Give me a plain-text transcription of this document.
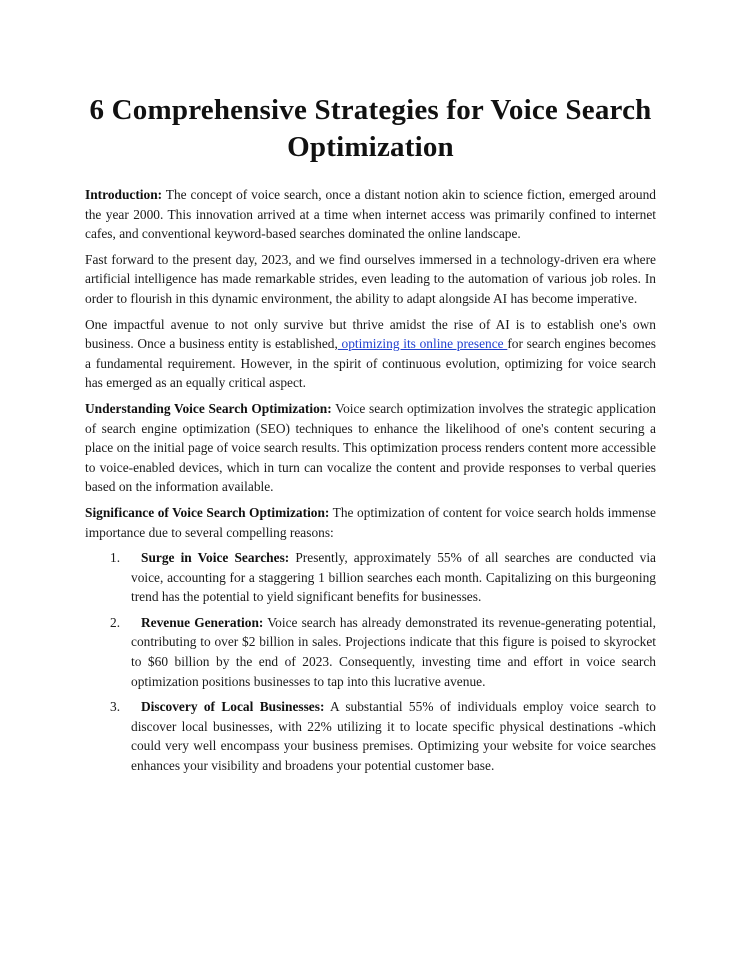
6 Comprehensive Strategies for Voice Search Optimization

Introduction: The concept of voice search, once a distant notion akin to science fiction, emerged around the year 2000. This innovation arrived at a time when internet access was primarily confined to internet cafes, and conventional keyword-based searches dominated the online landscape.

Fast forward to the present day, 2023, and we find ourselves immersed in a technology-driven era where artificial intelligence has made remarkable strides, even leading to the automation of various job roles. In order to flourish in this dynamic environment, the ability to adapt alongside AI has become imperative.

One impactful avenue to not only survive but thrive amidst the rise of AI is to establish one's own business. Once a business entity is established, optimizing its online presence for search engines becomes a fundamental requirement. However, in the spirit of continuous evolution, optimizing for voice search has emerged as an equally critical aspect.

Understanding Voice Search Optimization: Voice search optimization involves the strategic application of search engine optimization (SEO) techniques to enhance the likelihood of one's content securing a place on the initial page of voice search results. This optimization process renders content more accessible to voice-enabled devices, which in turn can vocalize the content and provide responses to verbal queries based on the information available.

Significance of Voice Search Optimization: The optimization of content for voice search holds immense importance due to several compelling reasons:

1. Surge in Voice Searches: Presently, approximately 55% of all searches are conducted via voice, accounting for a staggering 1 billion searches each month. Capitalizing on this burgeoning trend has the potential to yield significant benefits for businesses.
2. Revenue Generation: Voice search has already demonstrated its revenue-generating potential, contributing to over $2 billion in sales. Projections indicate that this figure is poised to skyrocket to $60 billion by the end of 2023. Consequently, investing time and effort in voice search optimization positions businesses to tap into this lucrative avenue.
3. Discovery of Local Businesses: A substantial 55% of individuals employ voice search to discover local businesses, with 22% utilizing it to locate specific physical destinations -which could very well encompass your business premises. Optimizing your website for voice searches enhances your visibility and broadens your potential customer base.
